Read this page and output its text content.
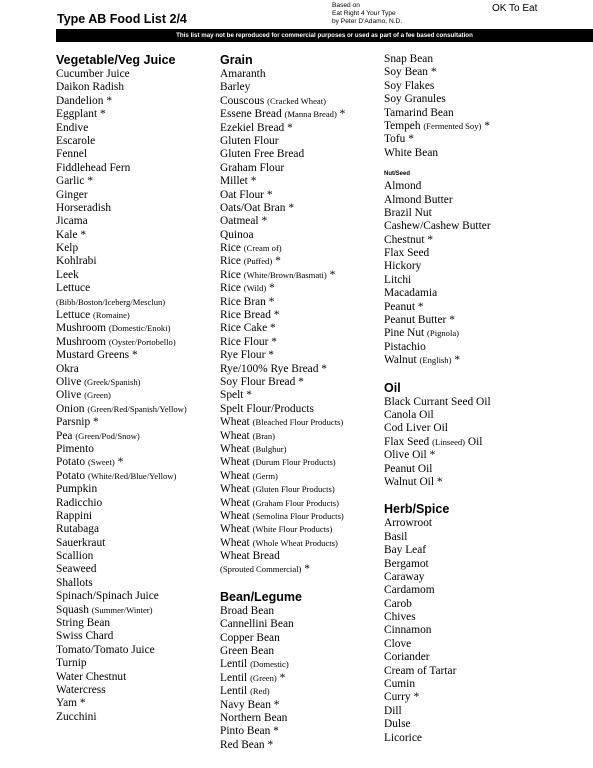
Type AB Food List 2/4
Based on
Eat Right 4 Your Type
by Peter D'Adamo, N.D.
OK To Eat
This list may not be reproduced for commercial purposes or used as part of a fee based consultation
Vegetable/Veg Juice
Cucumber Juice
Daikon Radish
Dandelion *
Eggplant *
Endive
Escarole
Fennel
Fiddlehead Fern
Garlic *
Ginger
Horseradish
Jicama
Kale *
Kelp
Kohlrabi
Leek
Lettuce
(Bibb/Boston/Iceberg/Mesclun)
Lettuce (Romaine)
Mushroom (Domestic/Enoki)
Mushroom (Oyster/Portobello)
Mustard Greens *
Okra
Olive (Greek/Spanish)
Olive (Green)
Onion (Green/Red/Spanish/Yellow)
Parsnip *
Pea (Green/Pod/Snow)
Pimento
Potato (Sweet) *
Potato (White/Red/Blue/Yellow)
Pumpkin
Radicchio
Rappini
Rutabaga
Sauerkraut
Scallion
Seaweed
Shallots
Spinach/Spinach Juice
Squash (Summer/Winter)
String Bean
Swiss Chard
Tomato/Tomato Juice
Turnip
Water Chestnut
Watercress
Yam *
Zucchini
Grain
Amaranth
Barley
Couscous (Cracked Wheat)
Essene Bread (Manna Bread) *
Ezekiel Bread *
Gluten Flour
Gluten Free Bread
Graham Flour
Millet *
Oat Flour *
Oats/Oat Bran *
Oatmeal *
Quinoa
Rice (Cream of)
Rice (Puffed) *
Rice (White/Brown/Basmati) *
Rice (Wild) *
Rice Bran *
Rice Bread *
Rice Cake *
Rice Flour *
Rye Flour *
Rye/100% Rye Bread *
Soy Flour Bread *
Spelt *
Spelt Flour/Products
Wheat (Bleached Flour Products)
Wheat (Bran)
Wheat (Bulghur)
Wheat (Durum Flour Products)
Wheat (Germ)
Wheat (Gluten Flour Products)
Wheat (Graham Flour Products)
Wheat (Semolina Flour Products)
Wheat (White Flour Products)
Wheat (Whole Wheat Products)
Wheat Bread
(Sprouted Commercial) *
Bean/Legume
Broad Bean
Cannellini Bean
Copper Bean
Green Bean
Lentil (Domestic)
Lentil (Green) *
Lentil (Red)
Navy Bean *
Northern Bean
Pinto Bean *
Red Bean *
Snap Bean
Soy Bean *
Soy Flakes
Soy Granules
Tamarind Bean
Tempeh (Fermented Soy) *
Tofu *
White Bean
Nut/Seed
Almond
Almond Butter
Brazil Nut
Cashew/Cashew Butter
Chestnut *
Flax Seed
Hickory
Litchi
Macadamia
Peanut *
Peanut Butter *
Pine Nut (Pignola)
Pistachio
Walnut (English) *
Oil
Black Currant Seed Oil
Canola Oil
Cod Liver Oil
Flax Seed (Linseed) Oil
Olive Oil *
Peanut Oil
Walnut Oil *
Herb/Spice
Arrowroot
Basil
Bay Leaf
Bergamot
Caraway
Cardamom
Carob
Chives
Cinnamon
Clove
Coriander
Cream of Tartar
Cumin
Curry *
Dill
Dulse
Licorice
